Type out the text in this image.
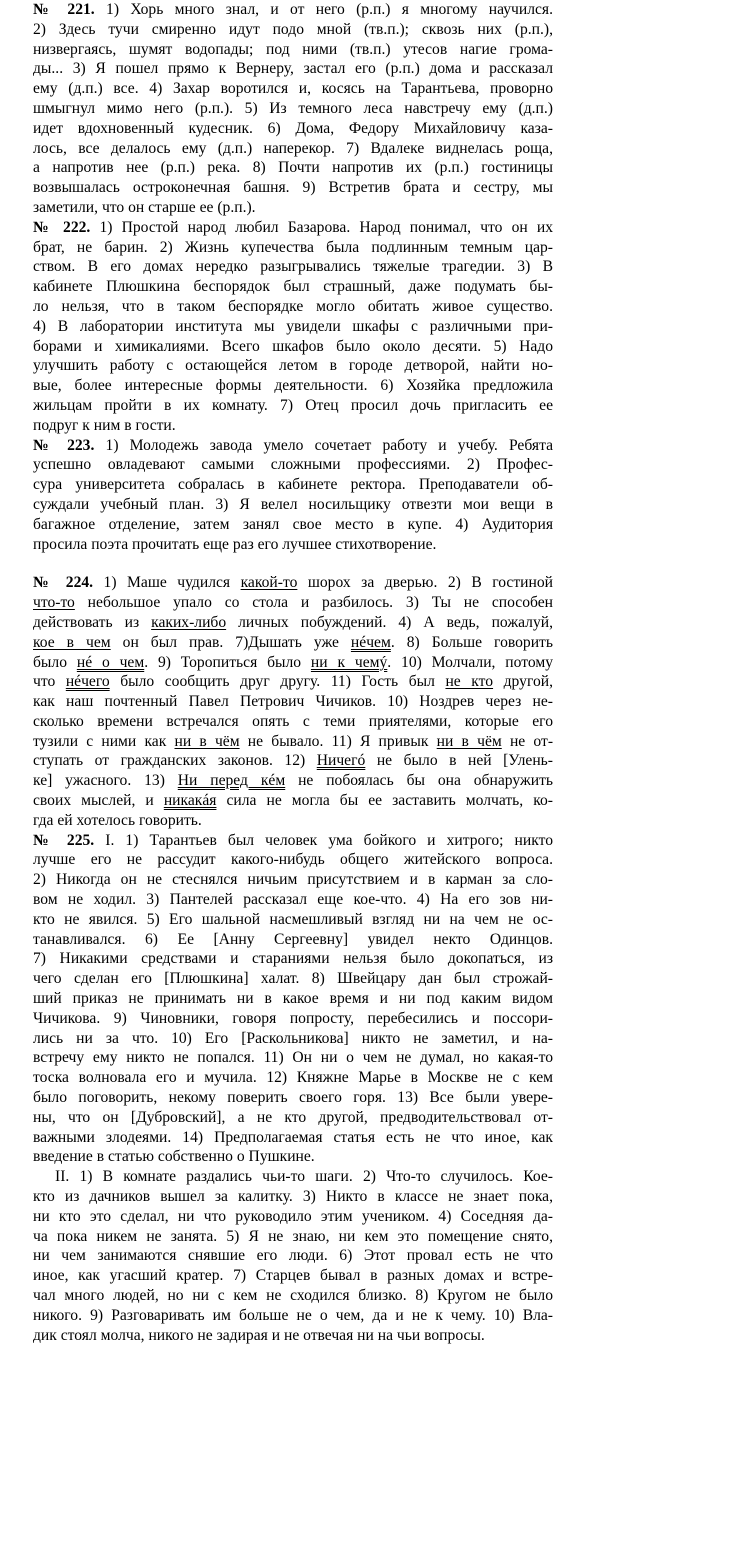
№ 221. 1) Хорь много знал, и от него (р.п.) я многому научился.
2) Здесь тучи смиренно идут подо мной (тв.п.); сквозь них (р.п.),
низвергаясь, шумят водопады; под ними (тв.п.) утесов нагие грома-
ды... 3) Я пошел прямо к Вернеру, застал его (р.п.) дома и рассказал
ему (д.п.) все. 4) Захар воротился и, косясь на Тарантьева, проворно
шмыгнул мимо него (р.п.). 5) Из темного леса навстречу ему (д.п.)
идет вдохновенный кудесник. 6) Дома, Федору Михайловичу каза-
лось, все делалось ему (д.п.) наперекор. 7) Вдалеке виднелась роща,
а напротив нее (р.п.) река. 8) Почти напротив их (р.п.) гостиницы
возвышалась остроконечная башня. 9) Встретив брата и сестру, мы
заметили, что он старше ее (р.п.).
№ 222. 1) Простой народ любил Базарова. Народ понимал, что он их
брат, не барин. 2) Жизнь купечества была подлинным темным цар-
ством. В его домах нередко разыгрывались тяжелые трагедии. 3) В
кабинете Плюшкина беспорядок был страшный, даже подумать бы-
ло нельзя, что в таком беспорядке могло обитать живое существо.
4) В лаборатории института мы увидели шкафы с различными при-
борами и химикалиями. Всего шкафов было около десяти. 5) Надо
улучшить работу с остающейся летом в городе детворой, найти но-
вые, более интересные формы деятельности. 6) Хозяйка предложила
жильцам пройти в их комнату. 7) Отец просил дочь пригласить ее
подруг к ним в гости.
№ 223. 1) Молодежь завода умело сочетает работу и учебу. Ребята
успешно овладевают самыми сложными профессиями. 2) Профес-
сура университета собралась в кабинете ректора. Преподаватели об-
суждали учебный план. 3) Я велел носильщику отвезти мои вещи в
багажное отделение, затем занял свое место в купе. 4) Аудитория
просила поэта прочитать еще раз его лучшее стихотворение.
№ 224. 1) Маше чудился какой-то шорох за дверью. 2) В гостиной
что-то небольшое упало со стола и разбилось. 3) Ты не способен
действовать из каких-либо личных побуждений. 4) А ведь, пожалуй,
кое в чем он был прав. 7)Дышать уже нéчем. 8) Больше говорить
было нé о чем. 9) Торопиться было ни к чемý. 10) Молчали, потому
что нéчего было сообщить друг другу. 11) Гость был не кто другой,
как наш почтенный Павел Петрович Чичиков. 10) Ноздрев через не-
сколько времени встречался опять с теми приятелями, которые его
тузили с ними как ни в чём не бывало. 11) Я привык ни в чём не от-
ступать от гражданских законов. 12) Ничегó не было в ней [Улень-
ке] ужасного. 13) Ни перед кéм не побоялась бы она обнаружить
своих мыслей, и никакáя сила не могла бы ее заставить молчать, ко-
гда ей хотелось говорить.
№ 225. I. 1) Тарантьев был человек ума бойкого и хитрого; никто
лучше его не рассудит какого-нибудь общего житейского вопроса.
2) Никогда он не стеснялся ничьим присутствием и в карман за сло-
вом не ходил. 3) Пантелей рассказал еще кое-что. 4) На его зов ни-
кто не явился. 5) Его шальной насмешливый взгляд ни на чем не ос-
танавливался. 6) Ее [Анну Сергеевну] увидел некто Одинцов.
7) Никакими средствами и стараниями нельзя было докопаться, из
чего сделан его [Плюшкина] халат. 8) Швейцару дан был строжай-
ший приказ не принимать ни в какое время и ни под каким видом
Чичикова. 9) Чиновники, говоря попросту, перебесились и поссори-
лись ни за что. 10) Его [Раскольникова] никто не заметил, и на-
встречу ему никто не попался. 11) Он ни о чем не думал, но какая-то
тоска волновала его и мучила. 12) Княжне Марье в Москве не с кем
было поговорить, некому поверить своего горя. 13) Все были увере-
ны, что он [Дубровский], а не кто другой, предводительствовал от-
важными злодеями. 14) Предполагаемая статья есть не что иное, как
введение в статью собственно о Пушкине.
II. 1) В комнате раздались чьи-то шаги. 2) Что-то случилось. Кое-
кто из дачников вышел за калитку. 3) Никто в классе не знает пока,
ни кто это сделал, ни что руководило этим учеником. 4) Соседняя да-
ча пока никем не занята. 5) Я не знаю, ни кем это помещение снято,
ни чем занимаются снявшие его люди. 6) Этот провал есть не что
иное, как угасший кратер. 7) Старцев бывал в разных домах и встре-
чал много людей, но ни с кем не сходился близко. 8) Кругом не было
никого. 9) Разговаривать им больше не о чем, да и не к чему. 10) Вла-
дик стоял молча, никого не задирая и не отвечая ни на чьи вопросы.
